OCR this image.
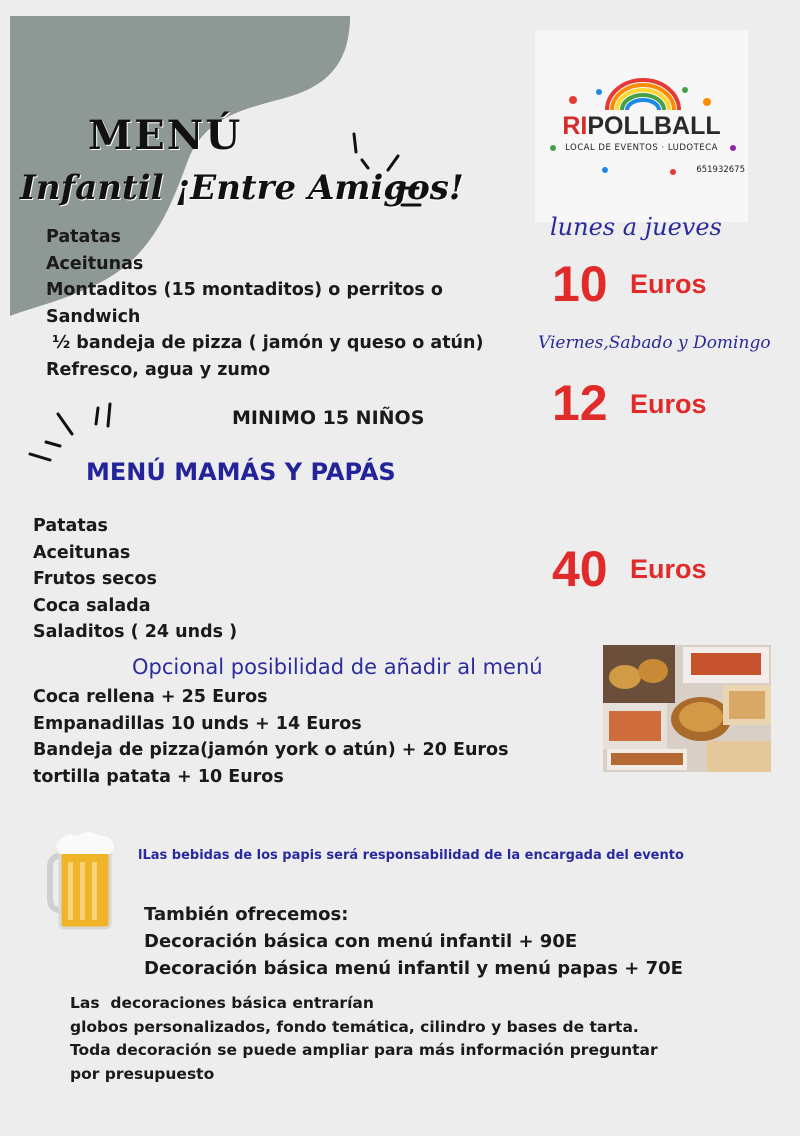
MENÚ
Infantil ¡Entre Amigos!
Patatas
Aceitunas
Montaditos (15 montaditos) o perritos o
Sandwich
½ bandeja de pizza ( jamón y queso o atún)
Refresco, agua y zumo
MINIMO 15 NIÑOS
RIPOLLBALL
LOCAL DE EVENTOS · LUDOTECA
651932675
lunes a jueves
10 Euros
Viernes,Sabado y Domingo
12 Euros
MENÚ MAMÁS Y PAPÁS
Patatas
Aceitunas
Frutos secos
Coca salada
Saladitos ( 24 unds )
40 Euros
Opcional posibilidad de añadir al menú
Coca rellena + 25 Euros
Empanadillas 10 unds + 14 Euros
Bandeja de pizza(jamón york o atún) + 20 Euros
tortilla patata + 10 Euros
lLas bebidas de los papis será responsabilidad de la encargada del evento
También ofrecemos:
Decoración básica con menú infantil + 90E
Decoración básica menú infantil y menú papas + 70E
Las  decoraciones básica entrarían
globos personalizados, fondo temática, cilindro y bases de tarta.
Toda decoración se puede ampliar para más información preguntar
por presupuesto
